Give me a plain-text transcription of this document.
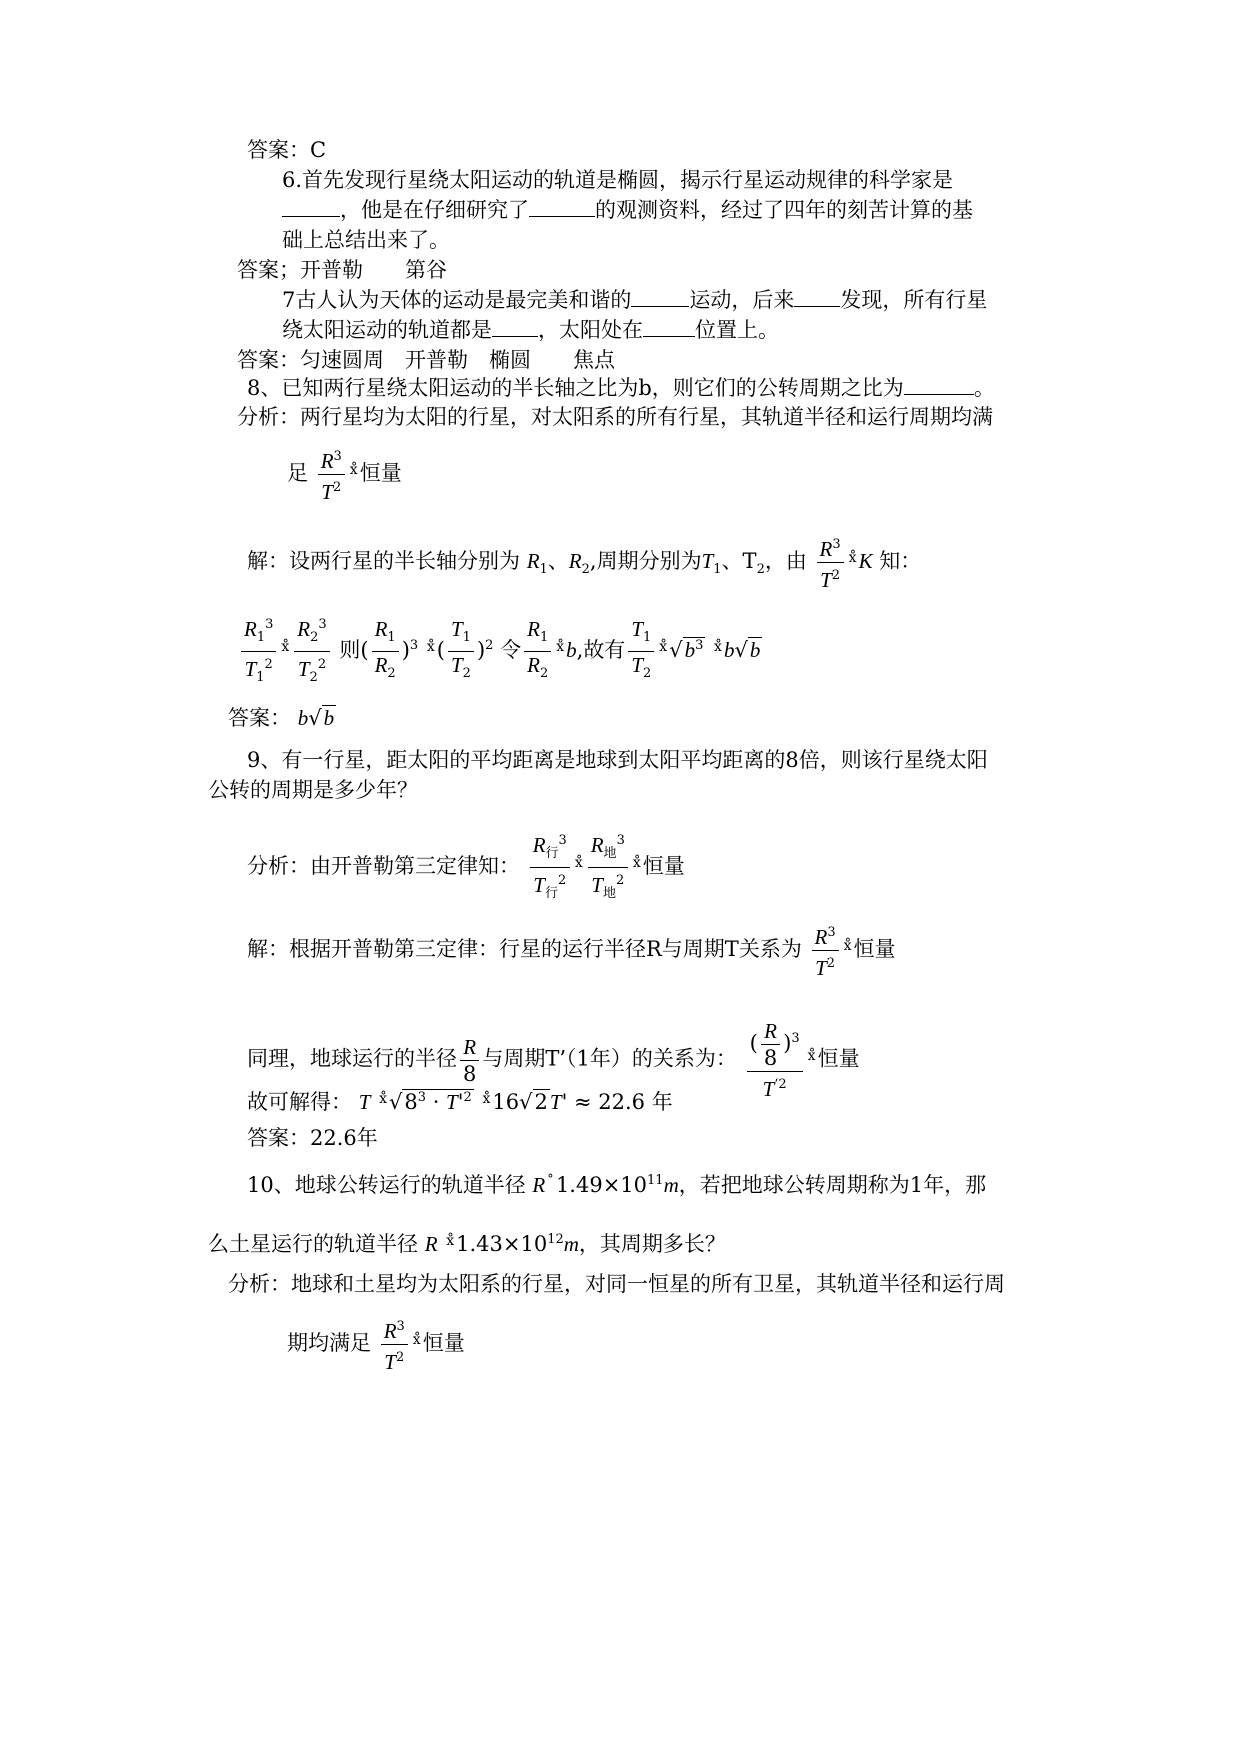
答案：C
6.首先发现行星绕太阳运动的轨道是椭圆，揭示行星运动规律的科学家是
，他是在仔细研究了	的观测资料，经过了四年的刻苦计算的基
础上总结出来了。
答案；开普勒　　第谷
7古人认为天体的运动是最完美和谐的	运动，后来 发现，所有行星
绕太阳运动的轨道都是 ，太阳处在 位置上。
答案：匀速圆周　开普勒　椭圆　　焦点
8、已知两行星绕太阳运动的半长轴之比为b，则它们的公转周期之比为	。
分析：两行星均为太阳的行星，对太阳系的所有行星，其轨道半径和运行周期均满
足 $\frac{R^3}{T^2} ^{ⅹ̊}$恒量
解：设两行星的半长轴分别为 $R_1$、$R_2$,周期分别为$T_1$、$T_2$，由 $\frac{R^3}{T^2} ^{ⅹ̊}K$ 知：
$\frac{R_1^3}{T_1^2} ^{ⅹ̊} \frac{R_2^3}{T_2^2}$ 则( $\frac{R_1}{R_2} )^3$ $^{ⅹ̊}( \frac{T_1}{T_2} )^2$ 令 $\frac{R_1}{R_2} ^{ⅹ̊}b$,故有 $\frac{T_1}{T_2} ^{ⅹ̊}√b^3$ $^{ⅹ̊}$b√b
答案： b√b
9、有一行星，距太阳的平均距离是地球到太阳平均距离的8倍，则该行星绕太阳
公转的周期是多少年？
分析：由开普勒第三定律知： $\frac{R_行^3}{T_行^2} ^{ⅹ̊} \frac{R_地^3}{T_地^2} ^{ⅹ̊}$恒量
解：根据开普勒第三定律：行星的运行半径R与周期T关系为 $\frac{R^3}{T^2} ^{ⅹ̊}$恒量
同理，地球运行的半径 $\frac{R}{8}$ 与周期T’（1年）的关系为： $\frac{( \frac{R}{8} )^3}{T^{‘2}} ^{ⅹ̊}$恒量
故可解得： T $^{ⅹ̊}√8^3 \cdot T'^2$ $^{ⅹ̊}$16√2T' ≈ 22.6 年
答案：22.6年
10、地球公转运行的轨道半径 R $1.49\times 10^{11}m$，若把地球公转周期称为1年，那
么土星运行的轨道半径 R $^{ⅹ̊}1.43\times 10^{12}m$，其周期多长？
分析：地球和土星均为太阳系的行星，对同一恒星的所有卫星，其轨道半径和运行周
期均满足 $\frac{R^3}{T^2} ^{ⅹ̊}$恒量
